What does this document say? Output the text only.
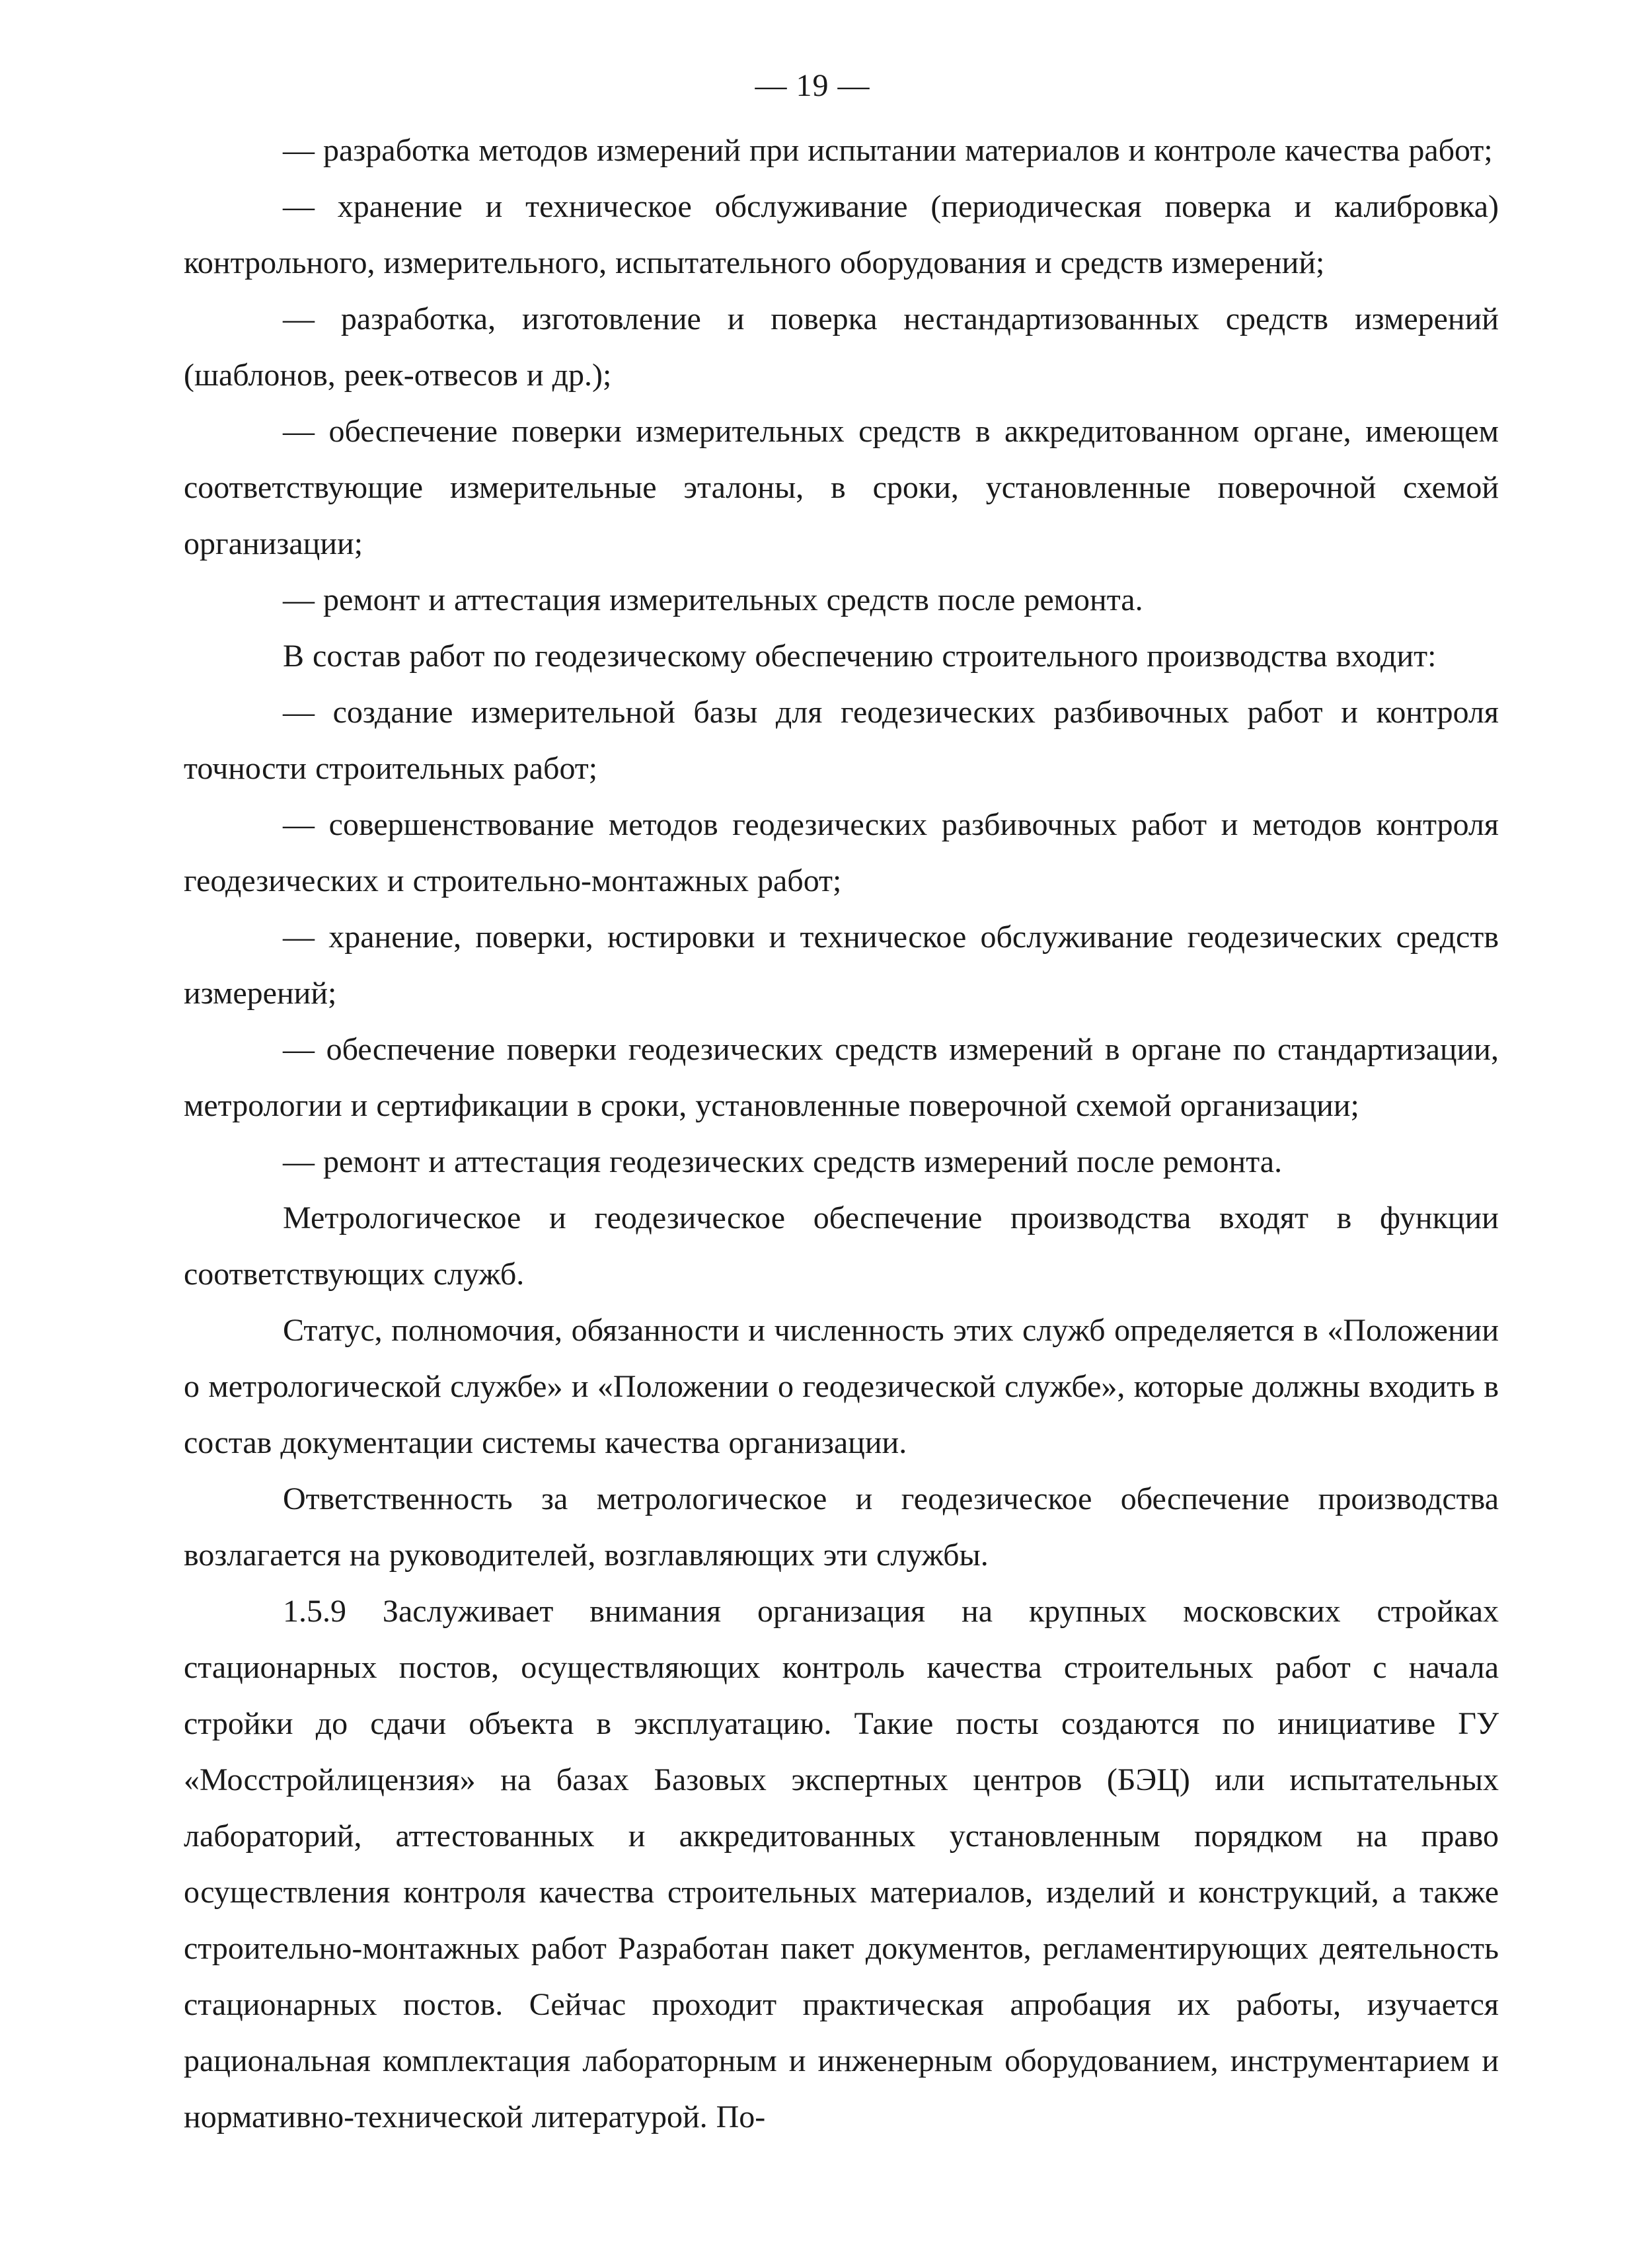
— 19 —

— разработка методов измерений при испытании материалов и контроле качества работ;

— хранение и техническое обслуживание (периодическая поверка и калибровка) контрольного, измерительного, испытательного оборудования и средств измерений;

— разработка, изготовление и поверка нестандартизованных средств измерений (шаблонов, реек-отвесов и др.);

— обеспечение поверки измерительных средств в аккредитованном органе, имеющем соответствующие измерительные эталоны, в сроки, установленные поверочной схемой организации;

— ремонт и аттестация измерительных средств после ремонта.

В состав работ по геодезическому обеспечению строительного производства входит:

— создание измерительной базы для геодезических разбивочных работ и контроля точности строительных работ;

— совершенствование методов геодезических разбивочных работ и методов контроля геодезических и строительно-монтажных работ;

— хранение, поверки, юстировки и техническое обслуживание геодезических средств измерений;

— обеспечение поверки геодезических средств измерений в органе по стандартизации, метрологии и сертификации в сроки, установленные поверочной схемой организации;

— ремонт и аттестация геодезических средств измерений после ремонта.

Метрологическое и геодезическое обеспечение производства входят в функции соответствующих служб.

Статус, полномочия, обязанности и численность этих служб определяется в «Положении о метрологической службе» и «Положении о геодезической службе», которые должны входить в состав документации системы качества организации.

Ответственность за метрологическое и геодезическое обеспечение производства возлагается на руководителей, возглавляющих эти службы.

1.5.9 Заслуживает внимания организация на крупных московских стройках стационарных постов, осуществляющих контроль качества строительных работ с начала стройки до сдачи объекта в эксплуатацию. Такие посты создаются по инициативе ГУ «Мосстройлицензия» на базах Базовых экспертных центров (БЭЦ) или испытательных лабораторий, аттестованных и аккредитованных установленным порядком на право осуществления контроля качества строительных материалов, изделий и конструкций, а также строительно-монтажных работ Разработан пакет документов, регламентирующих деятельность стационарных постов. Сейчас проходит практическая апробация их работы, изучается рациональная комплектация лабораторным и инженерным оборудованием, инструментарием и нормативно-технической литературой. По-
